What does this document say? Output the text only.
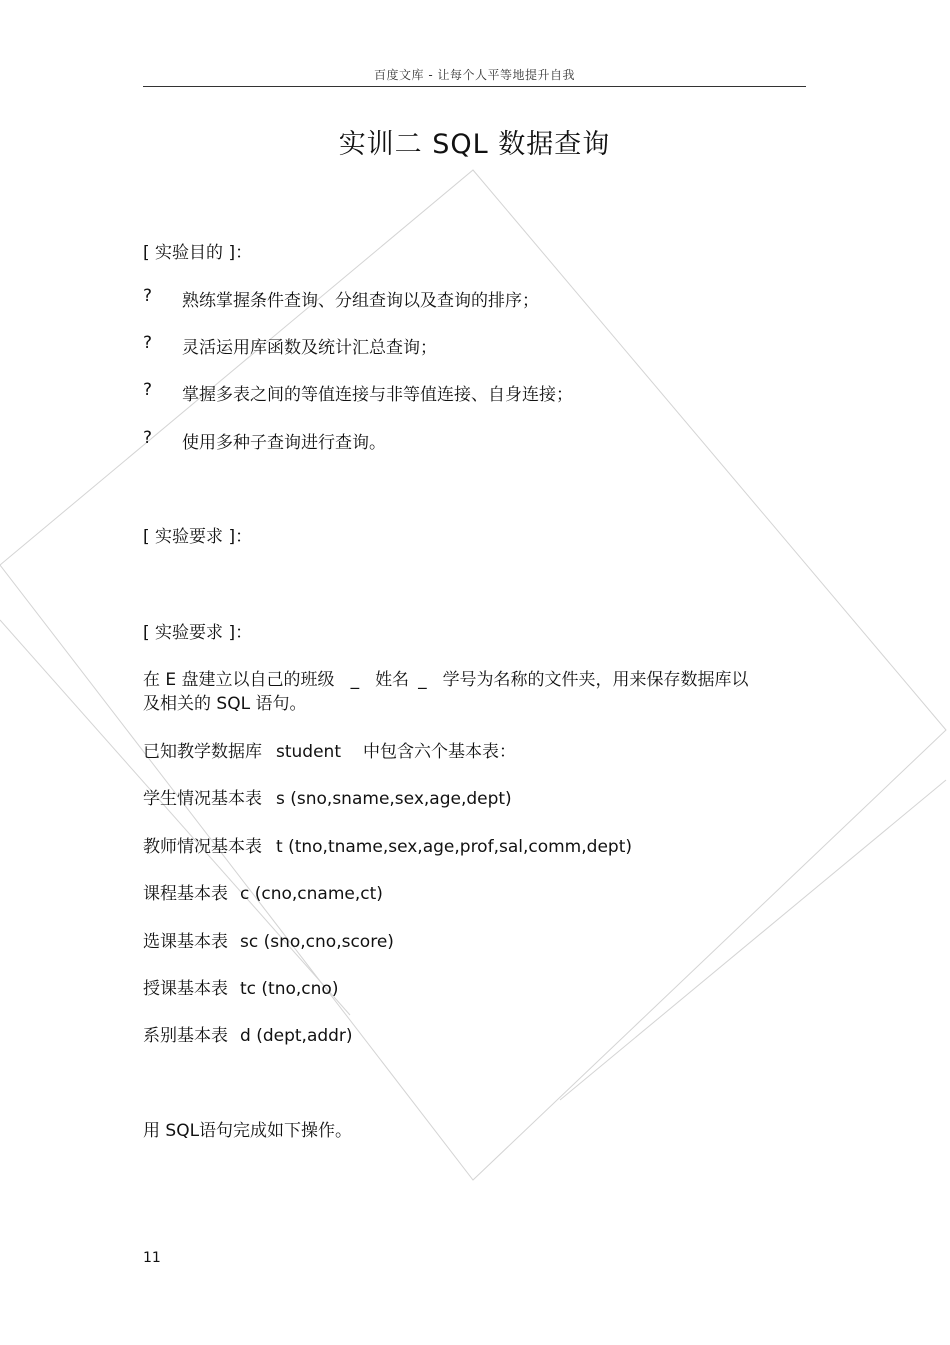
百度文库 - 让每个人平等地提升自我
实训二 SQL 数据查询
[ 实验目的 ]：
? 熟练掌握条件查询、分组查询以及查询的排序；
? 灵活运用库函数及统计汇总查询；
? 掌握多表之间的等值连接与非等值连接、自身连接；
? 使用多种子查询进行查询。
[ 实验要求 ]：
[ 实验要求 ]：
在 E 盘建立以自己的班级 _ 姓名 _ 学号为名称的文件夹，用来保存数据库以
及相关的 SQL 语句。
已知教学数据库 student 中包含六个基本表：
学生情况基本表 s (sno,sname,sex,age,dept)
教师情况基本表 t (tno,tname,sex,age,prof,sal,comm,dept)
课程基本表 c (cno,cname,ct)
选课基本表 sc (sno,cno,score)
授课基本表 tc (tno,cno)
系别基本表 d (dept,addr)
用 SQL语句完成如下操作。
11
